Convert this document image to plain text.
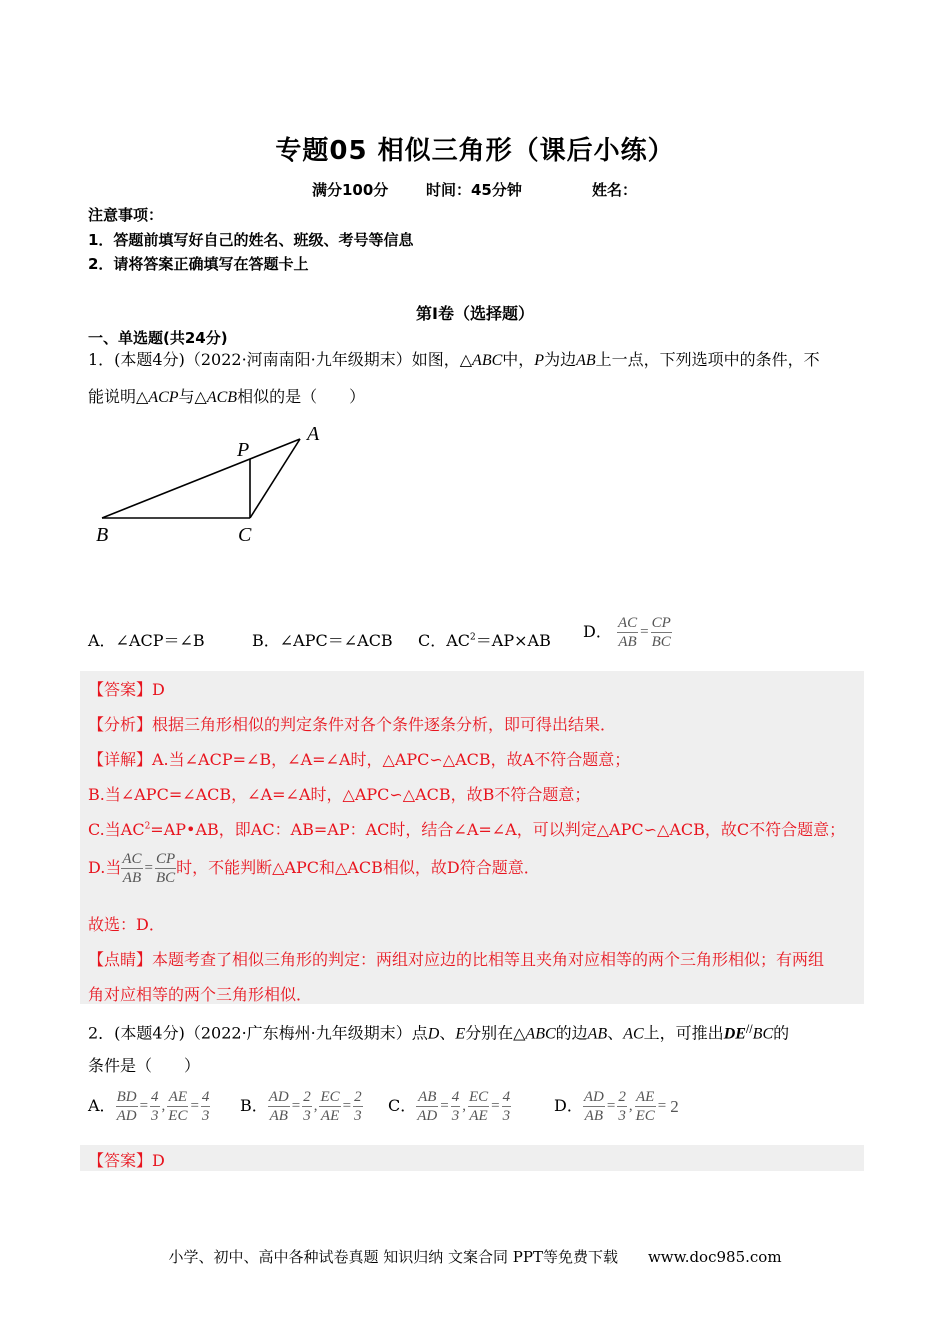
专题05 相似三角形（课后小练）
满分100分	时间：45分钟	姓名：
注意事项：
1．答题前填写好自己的姓名、班级、考号等信息
2．请将答案正确填写在答题卡上
第I卷（选择题）
一、单选题(共24分)
1．(本题4分)（2022·河南南阳·九年级期末）如图，△ABC中，P为边AB上一点，下列选项中的条件，不
能说明△ACP与△ACB相似的是（　　）
A
P
B	C
A．∠ACP＝∠B	B．∠APC＝∠ACB C．$AC^2=AP\times AB$ D． $\frac{AC}{AB} = \frac{CP}{BC}$
【答案】D
【分析】根据三角形相似的判定条件对各个条件逐条分析，即可得出结果．
【详解】A.当∠ACP=∠B，∠A=∠A时，△APC∽△ACB，故A不符合题意；
B.当∠APC=∠ACB，∠A=∠A时，△APC∽△ACB，故B不符合题意；
C.当$AC^2=AP•AB$，即AC：AB=AP：AC时，结合∠A=∠A，可以判定△APC∽△ACB，故C不符合题意；
D.当 $\frac{AC}{AB} = \frac{CP}{BC}$ 时，不能判断△APC和△ACB相似，故D符合题意．
故选：D．
【点睛】本题考查了相似三角形的判定：两组对应边的比相等且夹角对应相等的两个三角形相似；有两组
角对应相等的两个三角形相似．
2．(本题4分)（2022·广东梅州·九年级期末）点D、E分别在△ABC的边AB、AC上，可推出DE//BC的
条件是（　　）
A． $\frac{BD}{AD} = \frac{4}{3}$ , $\frac{AE}{EC} = \frac{4}{3}$ B． $\frac{AD}{AB} = \frac{2}{3}$ , $\frac{EC}{AE} = \frac{2}{3}$ C． $\frac{AB}{AD} = \frac{4}{3}$ , $\frac{EC}{AE} = \frac{4}{3}$	D． $\frac{AD}{AB} = \frac{2}{3}$ , $\frac{AE}{EC} = 2$
【答案】D
小学、初中、高中各种试卷真题 知识归纳 文案合同 PPT等免费下载　　www.doc985.com
